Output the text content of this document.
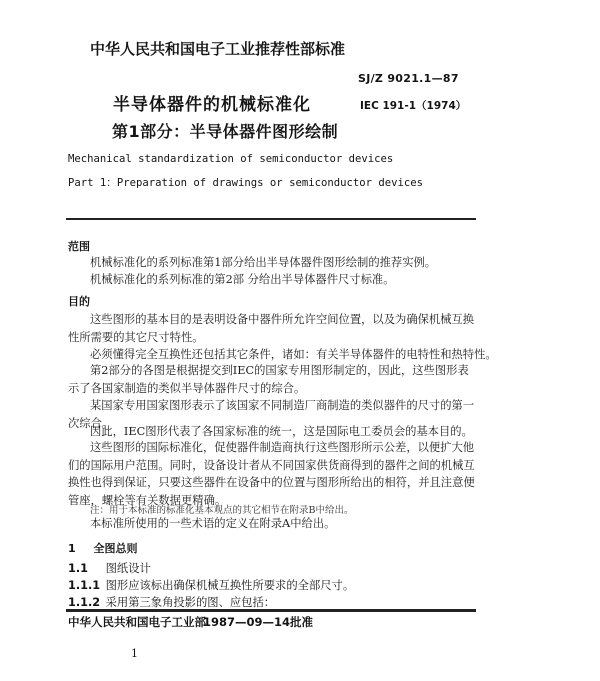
中华人民共和国电子工业推荐性部标准
SJ/Z 9021.1—87
IEC 191-1（1974）
半导体器件的机械标准化
第1部分：半导体器件图形绘制
Mechanical standardization of semiconductor devices
Part 1：Preparation of drawings or semiconductor devices
范围
机械标准化的系列标准第1部分给出半导体器件图形绘制的推荐实例。
机械标准化的系列标准的第2部 分给出半导体器件尺寸标准。
目的
这些图形的基本目的是表明设备中器件所允许空间位置，以及为确保机械互换性所需要的其它尺寸特性。
必须懂得完全互换性还包括其它条件，诸如：有关半导体器件的电特性和热特性。
第2部分的各图是根据提交到IEC的国家专用图形制定的，因此，这些图形表示了各国家制造的类似半导体器件尺寸的综合。
某国家专用国家图形表示了该国家不同制造厂商制造的类似器件的尺寸的第一次综合。
因此，IEC图形代表了各国家标准的统一，这是国际电工委员会的基本目的。
这些图形的国际标准化，促使器件制造商执行这些图形所示公差，以便扩大他们的国际用户范围。同时，设备设计者从不同国家供货商得到的器件之间的机械互换性也得到保证，只要这些器件在设备中的位置与图形所给出的相符，并且注意便管座，螺栓等有关数据更精确。
注：用于本标准的标准化基本观点的其它相节在附录B中给出。
本标准所使用的一些术语的定义在附录A中给出。
1 全图总则
1.1 图纸设计
1.1.1 图形应该标出确保机械互换性所要求的全部尺寸。
1.1.2 采用第三象角投影的图、应包括：
中华人民共和国电子工业部
1987—09—14批准
1
